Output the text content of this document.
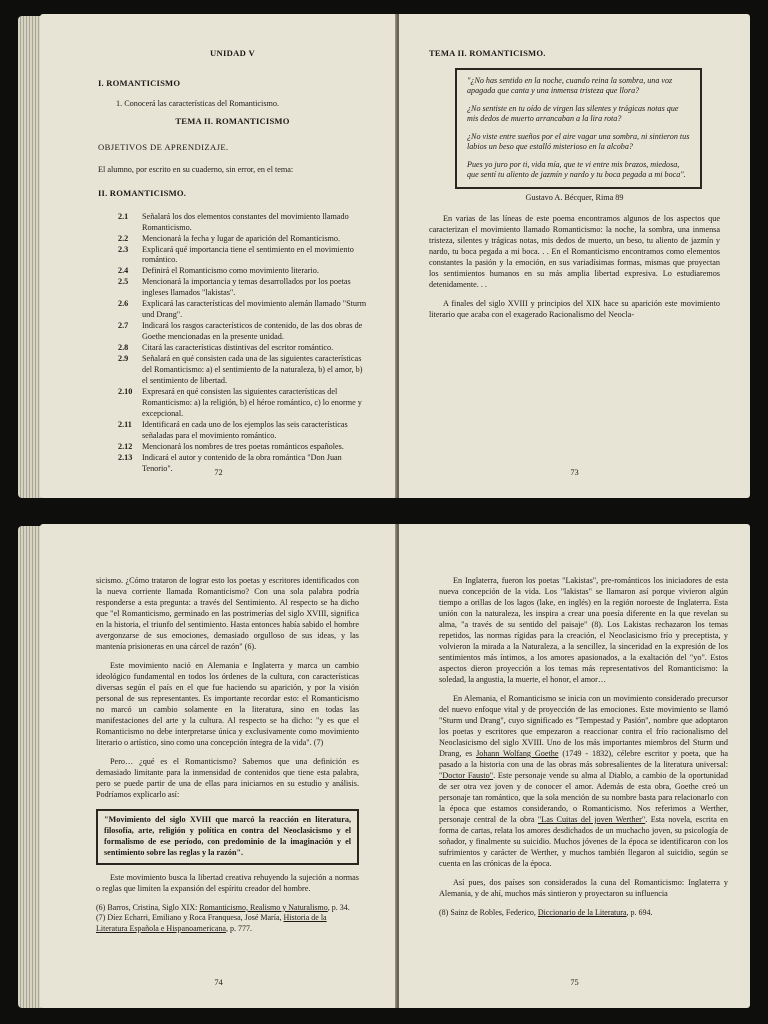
UNIDAD V

I. ROMANTICISMO

1. Conocerá las características del Romanticismo.

TEMA II. ROMANTICISMO

OBJETIVOS DE APRENDIZAJE.

El alumno, por escrito en su cuaderno, sin error, en el tema:

II. ROMANTICISMO.

2.1	Señalará los dos elementos constantes del movimiento llamado Romanticismo.
2.2	Mencionará la fecha y lugar de aparición del Romanticismo.
2.3	Explicará qué importancia tiene el sentimiento en el movimiento romántico.
2.4	Definirá el Romanticismo como movimiento literario.
2.5	Mencionará la importancia y temas desarrollados por los poetas ingleses llamados "lakistas".
2.6	Explicará las características del movimiento alemán llamado "Sturm und Drang".
2.7	Indicará los rasgos característicos de contenido, de las dos obras de Goethe mencionadas en la presente unidad.
2.8	Citará las características distintivas del escritor romántico.
2.9	Señalará en qué consisten cada una de las siguientes características del Romanticismo: a) el sentimiento de la naturaleza, b) el amor, b) el sentimiento de libertad.
2.10	Expresará en qué consisten las siguientes características del Romanticismo: a) la religión, b) el héroe romántico, c) lo enorme y excepcional.
2.11	Identificará en cada uno de los ejemplos las seis características señaladas para el movimiento romántico.
2.12	Mencionará los nombres de tres poetas románticos españoles.
2.13	Indicará el autor y contenido de la obra romántica "Don Juan Tenorio".	72

TEMA II. ROMANTICISMO.

"¿No has sentido en la noche, cuando reina la sombra, una voz apagada que canta y una inmensa tristeza que llora?
¿No sentiste en tu oído de virgen las silentes y trágicas notas que mis dedos de muerto arrancaban a la lira rota?
¿No viste entre sueños por el aire vagar una sombra, ni sintieron tus labios un beso que estalló misterioso en la alcoba?
Pues yo juro por ti, vida mía, que te vi entre mis brazos, miedosa, que sentí tu aliento de jazmín y nardo y tu boca pegada a mi boca".

Gustavo A. Bécquer, Rima 89

En varias de las líneas de este poema encontramos algunos de los aspectos que caracterizan el movimiento llamado Romanticismo: la noche, la sombra, una inmensa tristeza, silentes y trágicas notas, mis dedos de muerto, un beso, tu aliento de jazmín y nardo, tu boca pegada a mi boca. . . En el Romanticismo encontramos como elementos constantes la pasión y la emoción, en sus variadísimas formas, mismas que proyectan los sentimientos humanos en su más amplia libertad expresiva. Lo estudiaremos detenidamente. . .

A finales del siglo XVIII y principios del XIX hace su aparición este movimiento literario que acaba con el exagerado Racionalismo del Neocla-

73

sicismo. ¿Cómo trataron de lograr esto los poetas y escritores identificados con la nueva corriente llamada Romanticismo? Con una sola palabra podría responderse a esta pregunta: a través del Sentimiento. Al respecto se ha dicho que "el Romanticismo, germinado en las postrimerías del siglo XVIII, significa en la historia, el triunfo del sentimiento. Hasta entonces había sabido el hombre avergonzarse de sus emociones, demasiado orgulloso de sus ideas, y las mantenía prisioneras en una cárcel de razón" (6).

Este movimiento nació en Alemania e Inglaterra y marca un cambio ideológico fundamental en todos los órdenes de la cultura, con características diversas según el país en el que fue haciendo su aparición, y por la visión personal de sus representantes. Es importante recordar esto: el Romanticismo no marcó un cambio solamente en la literatura, sino en todas las manifestaciones del arte y la cultura. Al respecto se ha dicho: "y es que el Romanticismo no debe interpretarse única y exclusivamente como movimiento literario o artístico, sino como una concepción íntegra de la vida". (7)

Pero… ¿qué es el Romanticismo? Sabemos que una definición es demasiado limitante para la inmensidad de contenidos que tiene esta palabra, pero se puede partir de una de ellas para iniciarnos en su estudio y análisis. Podríamos explicarlo así:

"Movimiento del siglo XVIII que marcó la reacción en literatura, filosofía, arte, religión y política en contra del Neoclasicismo y el formalismo de ese período, con predominio de la imaginación y el sentimiento sobre las reglas y la razón".

Este movimiento busca la libertad creativa rehuyendo la sujeción a normas o reglas que limiten la expansión del espíritu creador del hombre.

(6) Barros, Cristina, Siglo XIX: Romanticismo, Realismo y Naturalismo, p. 34.

(7) Díez Echarri, Emiliano y Roca Franquesa, José María, Historia de la Literatura Española e Hispanoamericana, p. 777.

74

En Inglaterra, fueron los poetas "Lakistas", pre-románticos los iniciadores de esta nueva concepción de la vida. Los "lakistas" se llamaron así porque vivieron algún tiempo a orillas de los lagos (lake, en inglés) en la región noroeste de Inglaterra. Esta unión con la naturaleza, les inspira a crear una poesía diferente en la que revelan su alma, "a través de su sentido del paisaje" (8). Los Lakistas rechazaron los temas repetidos, las normas rígidas para la creación, el Neoclasicismo frío y preceptista, y volvieron la mirada a la Naturaleza, a la sencillez, la sinceridad en la expresión de los sentimientos más íntimos, a los amores apasionados, a la exaltación del "yo". Estos aspectos dieron proyección a los temas más representativos del Romanticismo: la soledad, la angustia, la muerte, el honor, el amor…

En Alemania, el Romanticismo se inicia con un movimiento considerado precursor del nuevo enfoque vital y de proyección de las emociones. Este movimiento se llamó "Sturm und Drang", cuyo significado es "Tempestad y Pasión", nombre que adoptaron los poetas y escritores que empezaron a reaccionar contra el frío racionalismo del Neoclasicismo del siglo XVIII. Uno de los más importantes miembros del Sturm und Drang, es Johann Wolfang Goethe (1749 - 1832), célebre escritor y poeta, que ha pasado a la historia con una de las obras más sobresalientes de la literatura universal: "Doctor Fausto". Este personaje vende su alma al Diablo, a cambio de la oportunidad de ser otra vez joven y de conocer el amor. Además de esta obra, Goethe creó un personaje tan romántico, que la sola mención de su nombre basta para relacionarlo con la época que estamos considerando, o Romanticismo. Nos referimos a Werther, personaje central de la obra "Las Cuitas del joven Werther". Esta novela, escrita en forma de cartas, relata los amores desdichados de un muchacho joven, su psicología de soñador, y finalmente su suicidio. Muchos jóvenes de la época se identificaron con los sufrimientos y carácter de Werther, y muchos también llegaron al suicidio, según se cuenta en las crónicas de la época.

Así pues, dos países son considerados la cuna del Romanticismo: Inglaterra y Alemania, y de ahí, muchos más sintieron y proyectaron su influencia

(8) Sainz de Robles, Federico, Diccionario de la Literatura, p. 694.

75
